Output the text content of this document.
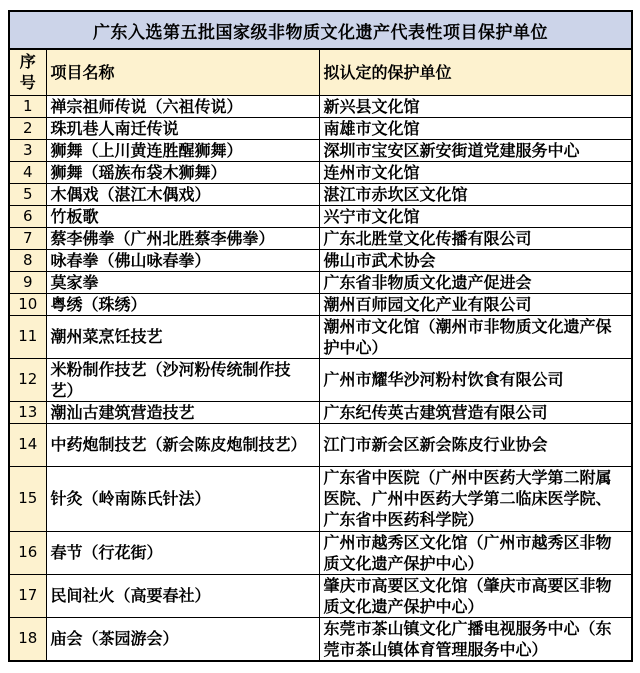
广东入选第五批国家级非物质文化遗产代表性项目保护单位		
序号	项目名称	拟认定的保护单位
1	禅宗祖师传说（六祖传说）	新兴县文化馆
2	珠玑巷人南迁传说	南雄市文化馆
3	狮舞（上川黄连胜醒狮舞）	深圳市宝安区新安街道党建服务中心
4	狮舞（瑶族布袋木狮舞）	连州市文化馆
5	木偶戏（湛江木偶戏）	湛江市赤坎区文化馆
6	竹板歌	兴宁市文化馆
7	蔡李佛拳（广州北胜蔡李佛拳）	广东北胜堂文化传播有限公司
8	咏春拳（佛山咏春拳）	佛山市武术协会
9	莫家拳	广东省非物质文化遗产促进会
10	粤绣（珠绣）	潮州百师园文化产业有限公司
11	潮州菜烹饪技艺	潮州市文化馆（潮州市非物质文化遗产保护中心）
12	米粉制作技艺（沙河粉传统制作技艺）	广州市耀华沙河粉村饮食有限公司
13	潮汕古建筑营造技艺	广东纪传英古建筑营造有限公司
14	中药炮制技艺（新会陈皮炮制技艺）	江门市新会区新会陈皮行业协会
15	针灸（岭南陈氏针法）	广东省中医院（广州中医药大学第二附属医院、广州中医药大学第二临床医学院、广东省中医药科学院）
16	春节（行花街）	广州市越秀区文化馆（广州市越秀区非物质文化遗产保护中心）
17	民间社火（高要春社）	肇庆市高要区文化馆（肇庆市高要区非物质文化遗产保护中心）
18	庙会（茶园游会）	东莞市茶山镇文化广播电视服务中心（东莞市茶山镇体育管理服务中心）
